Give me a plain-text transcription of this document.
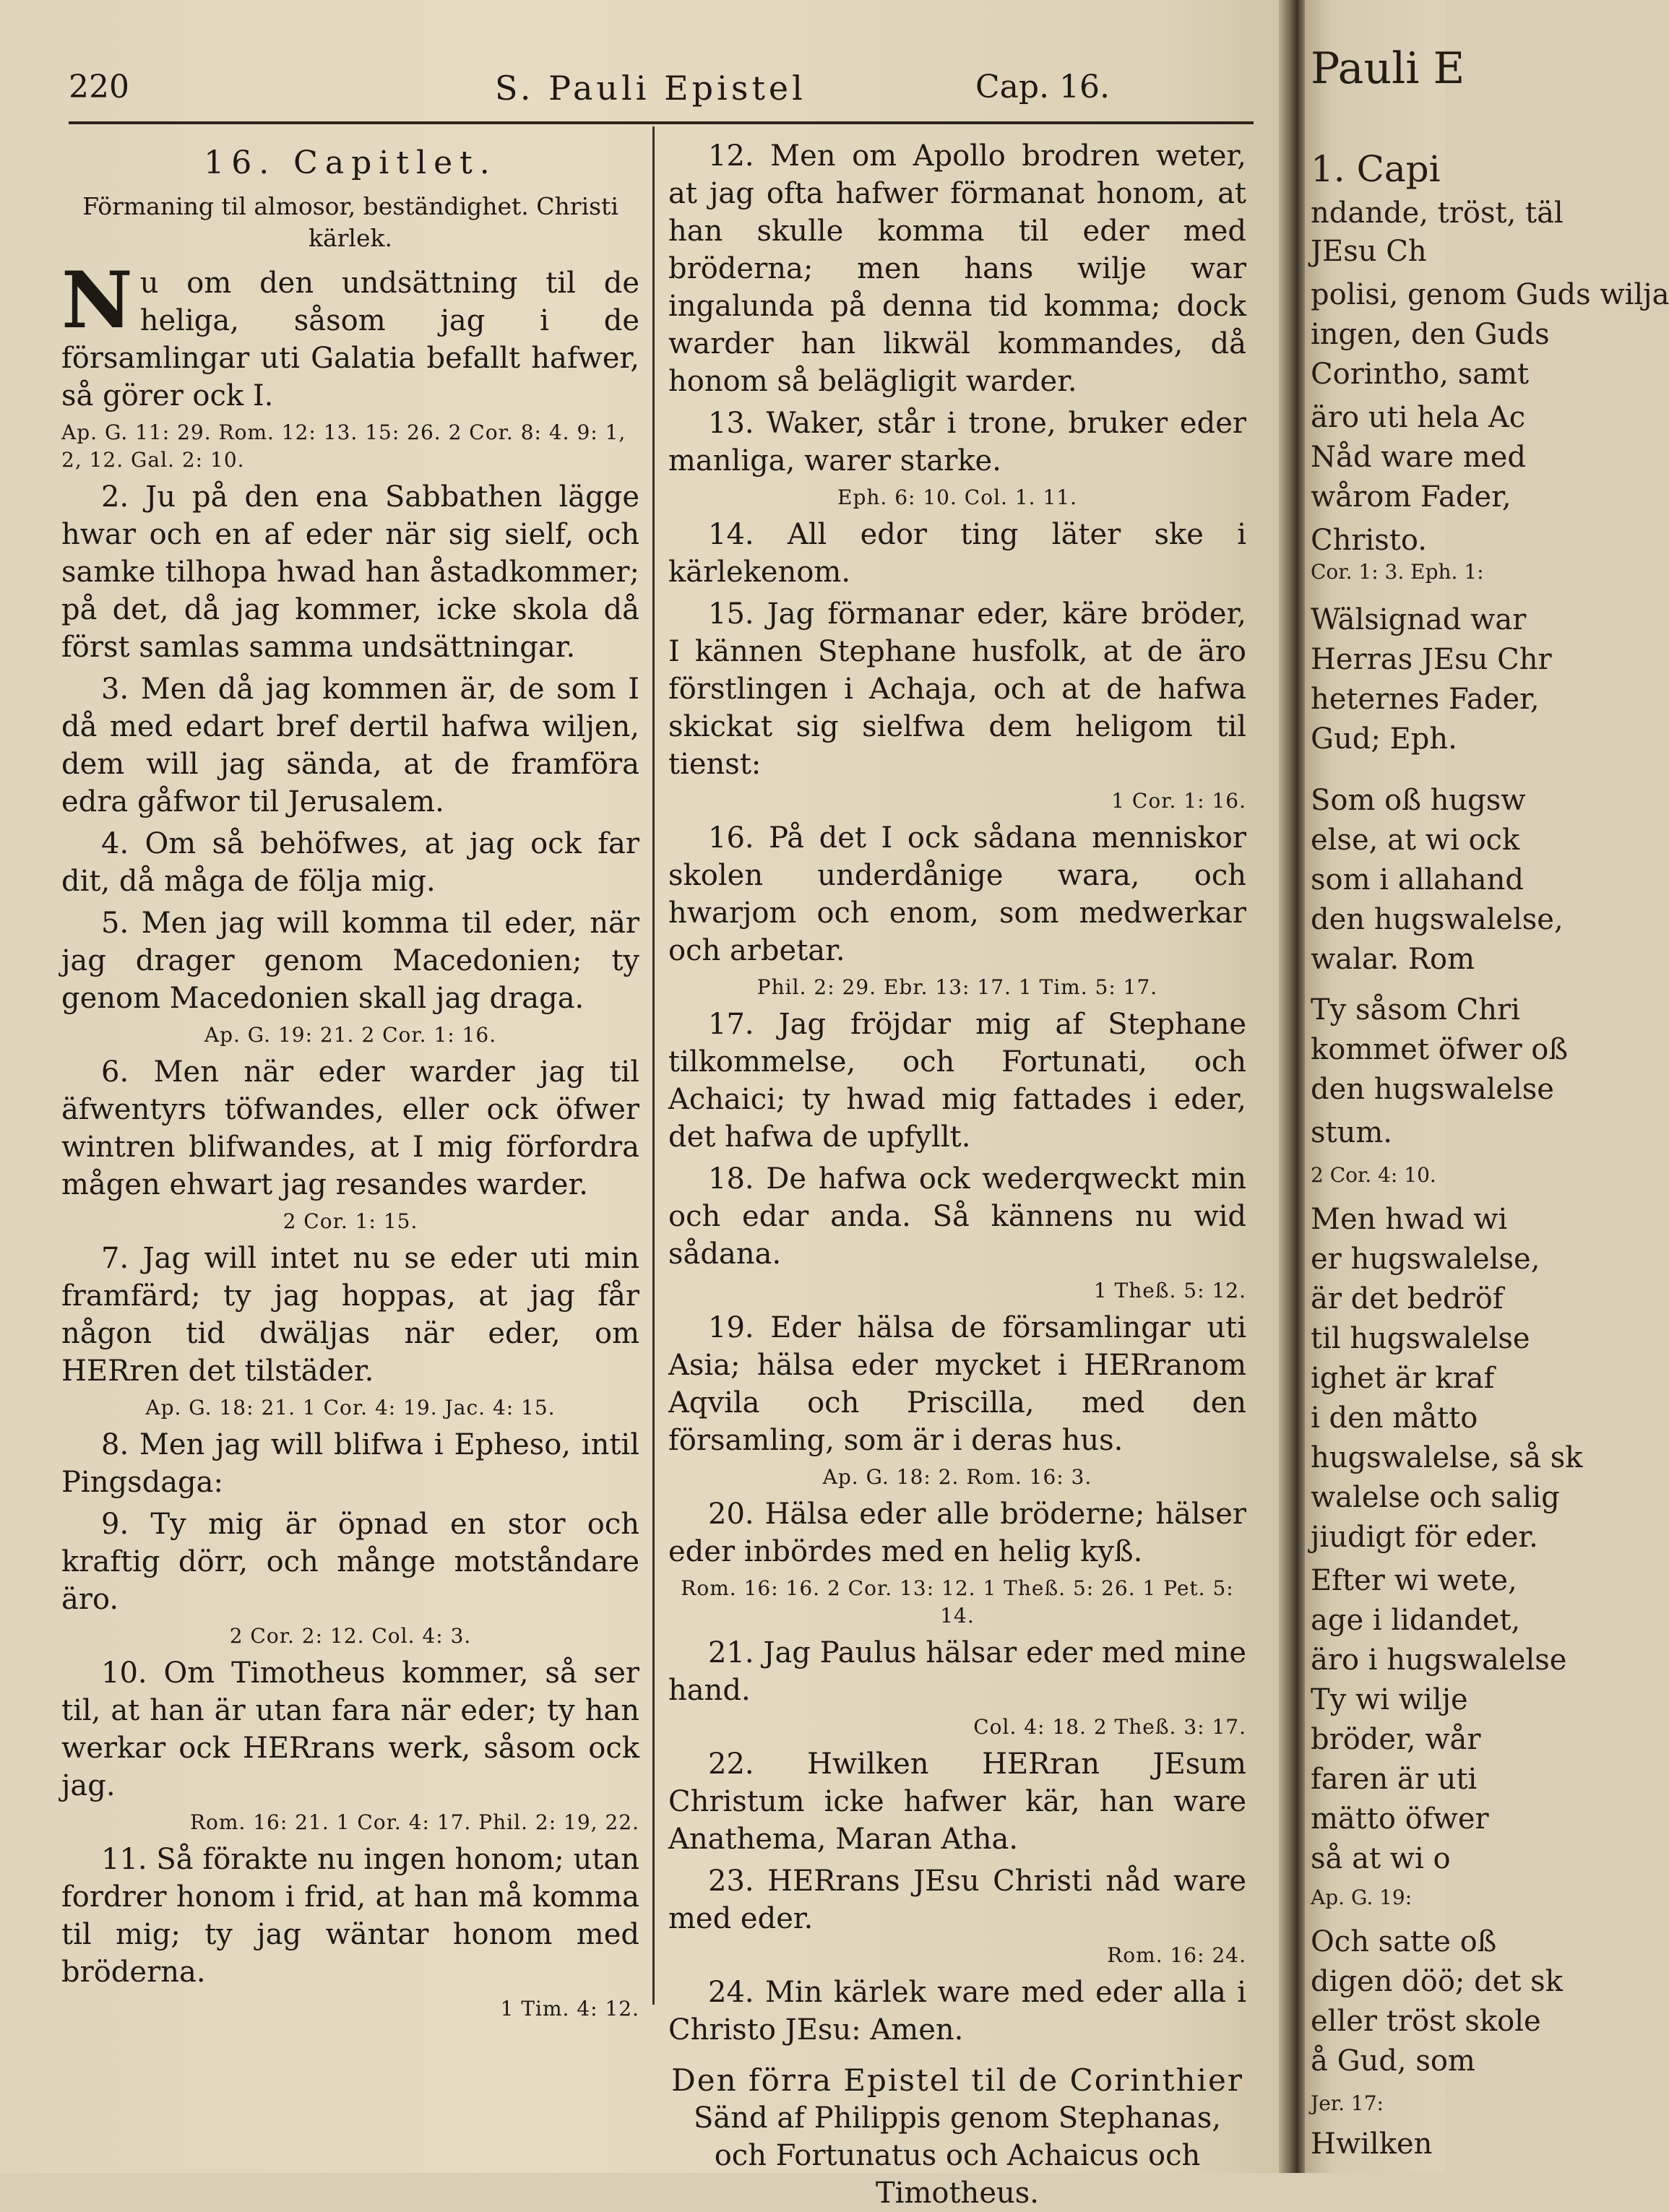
220	S. Pauli Epistel	Cap. 16.
16. Capitlet.
Förmaning til almosor, beständighet. Christi kärlek.

Nu om den undsättning til de heliga, såsom jag i de församlingar uti Galatia befallt hafwer, så görer ock I.

Ap. G. 11: 29. Rom. 12: 13. 15: 26. 2 Cor. 8: 4. 9: 1, 2, 12. Gal. 2: 10.

2. Ju på den ena Sabbathen lägge hwar och en af eder när sig sielf, och samke tilhopa hwad han åstadkommer; på det, då jag kommer, icke skola då först samlas samma undsättningar.

3. Men då jag kommen är, de som I då med edart bref dertil hafwa wiljen, dem will jag sända, at de framföra edra gåfwor til Jerusalem.

4. Om så behöfwes, at jag ock far dit, då måga de följa mig.

5. Men jag will komma til eder, när jag drager genom Macedonien; ty genom Macedonien skall jag draga.

Ap. G. 19: 21. 2 Cor. 1: 16.

6. Men när eder warder jag til äfwentyrs töfwandes, eller ock öfwer wintren blifwandes, at I mig förfordra mågen ehwart jag resandes warder.

2 Cor. 1: 15.

7. Jag will intet nu se eder uti min framfärd; ty jag hoppas, at jag får någon tid dwäljas när eder, om HERren det tilstäder.

Ap. G. 18: 21. 1 Cor. 4: 19. Jac. 4: 15.

8. Men jag will blifwa i Epheso, intil Pingsdaga:

9. Ty mig är öpnad en stor och kraftig dörr, och månge motståndare äro.

2 Cor. 2: 12. Col. 4: 3.

10. Om Timotheus kommer, så ser til, at han är utan fara när eder; ty han werkar ock HERrans werk, såsom ock jag.

Rom. 16: 21. 1 Cor. 4: 17. Phil. 2: 19, 22.

11. Så förakte nu ingen honom; utan fordrer honom i frid, at han må komma til mig; ty jag wäntar honom med bröderna.

1 Tim. 4: 12.

12. Men om Apollo brodren weter, at jag ofta hafwer förmanat honom, at han skulle komma til eder med bröderna; men hans wilje war ingalunda på denna tid komma; dock warder han likwäl kommandes, då honom så belägligit warder.

13. Waker, står i trone, bruker eder manliga, warer starke.

Eph. 6: 10. Col. 1. 11.

14. All edor ting läter ske i kärlekenom.

15. Jag förmanar eder, käre bröder, I kännen Stephane husfolk, at de äro förstlingen i Achaja, och at de hafwa skickat sig sielfwa dem heligom til tienst:

1 Cor. 1: 16.

16. På det I ock sådana menniskor skolen underdånige wara, och hwarjom och enom, som medwerkar och arbetar.

Phil. 2: 29. Ebr. 13: 17. 1 Tim. 5: 17.

17. Jag fröjdar mig af Stephane tilkommelse, och Fortunati, och Achaici; ty hwad mig fattades i eder, det hafwa de upfyllt.

18. De hafwa ock wederqweckt min och edar anda. Så kännens nu wid sådana.

1 Theß. 5: 12.

19. Eder hälsa de församlingar uti Asia; hälsa eder mycket i HERranom Aqvila och Priscilla, med den församling, som är i deras hus.

Ap. G. 18: 2. Rom. 16: 3.

20. Hälsa eder alle bröderne; hälser eder inbördes med en helig kyß.

Rom. 16: 16. 2 Cor. 13: 12. 1 Theß. 5: 26. 1 Pet. 5: 14.

21. Jag Paulus hälsar eder med mine hand.

Col. 4: 18. 2 Theß. 3: 17.

22. Hwilken HERran JEsum Christum icke hafwer kär, han ware Anathema, Maran Atha.

23. HERrans JEsu Christi nåd ware med eder.

Rom. 16: 24.

24. Min kärlek ware med eder alla i Christo JEsu: Amen.

Den förra Epistel til de Corinthier
Sänd af Philippis genom Stephanas, och Fortunatus och Achaicus och Timotheus.
Pauli E
1. Capi
ndande, tröst, täl
JEsu Ch
polisi, genom Guds wilja
ingen, den Guds
Corintho, samt
äro uti hela Ac
Nåd ware med
wårom Fader,
Christo.
Cor. 1: 3. Eph. 1:
Wälsignad war
Herras JEsu Chr
heternes Fader,
Gud; Eph.
Som oß hugsw
else, at wi ock
som i allahand
den hugswalelse,
walar. Rom
Ty såsom Chri
kommet öfwer oß
den hugswalelse
stum.
2 Cor. 4: 10.
Men hwad wi
er hugswalelse,
är det bedröf
til hugswalelse
ighet är kraf
i den måtto
hugswalelse, så sk
walelse och salig
jiudigt för eder.
Efter wi wete,
age i lidandet,
äro i hugswalelse
Ty wi wilje
bröder, wår
faren är uti
mätto öfwer
så at wi o
Ap. G. 19:
Och satte oß
digen döö; det sk
eller tröst skole
å Gud, som
Jer. 17:
Hwilken
